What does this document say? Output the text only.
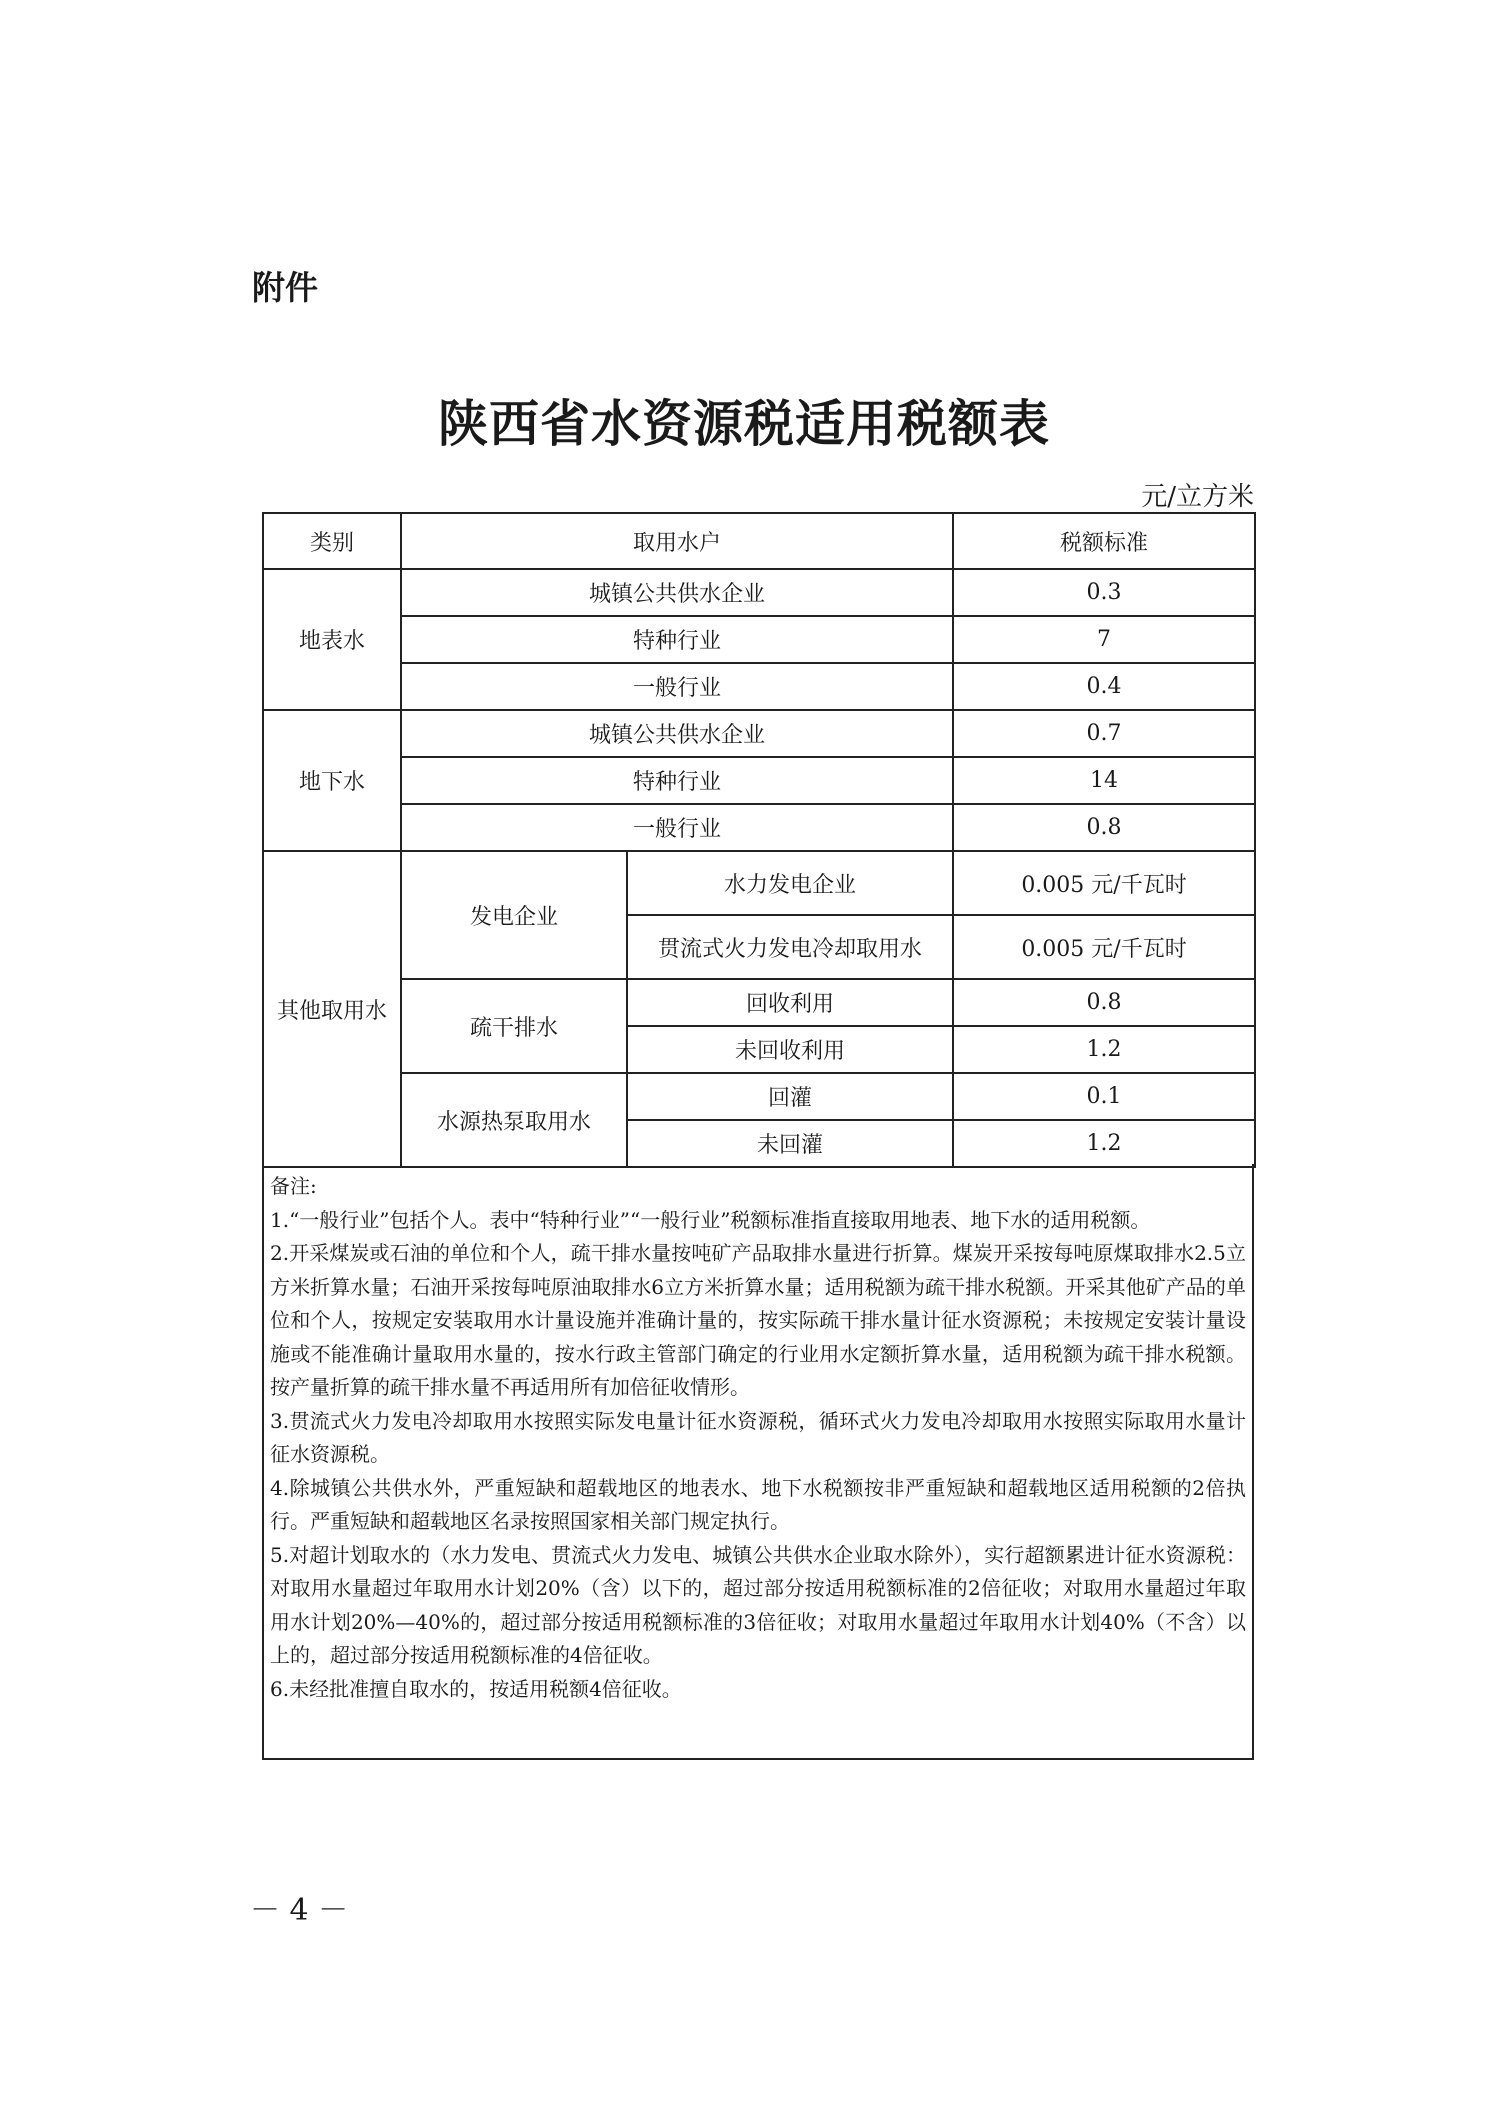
附件
陕西省水资源税适用税额表
元/立方米
类别	取用水户		税额标准
地表水	城镇公共供水企业		0.3
	特种行业		7
	一般行业		0.4
地下水	城镇公共供水企业		0.7
	特种行业		14
	一般行业		0.8
其他取用水	发电企业	水力发电企业	0.005 元/千瓦时
		贯流式火力发电冷却取用水	0.005 元/千瓦时
	疏干排水	回收利用	0.8
		未回收利用	1.2
	水源热泵取用水	回灌	0.1
		未回灌	1.2

备注:

1.“一般行业”包括个人。表中“特种行业”“一般行业”税额标准指直接取用地表、地下水的适用税额。

2.开采煤炭或石油的单位和个人，疏干排水量按吨矿产品取排水量进行折算。煤炭开采按每吨原煤取排水2.5立方米折算水量；石油开采按每吨原油取排水6立方米折算水量；适用税额为疏干排水税额。开采其他矿产品的单位和个人，按规定安装取用水计量设施并准确计量的，按实际疏干排水量计征水资源税；未按规定安装计量设施或不能准确计量取用水量的，按水行政主管部门确定的行业用水定额折算水量，适用税额为疏干排水税额。按产量折算的疏干排水量不再适用所有加倍征收情形。

3.贯流式火力发电冷却取用水按照实际发电量计征水资源税，循环式火力发电冷却取用水按照实际取用水量计征水资源税。

4.除城镇公共供水外，严重短缺和超载地区的地表水、地下水税额按非严重短缺和超载地区适用税额的2倍执行。严重短缺和超载地区名录按照国家相关部门规定执行。

5.对超计划取水的（水力发电、贯流式火力发电、城镇公共供水企业取水除外），实行超额累进计征水资源税：对取用水量超过年取用水计划20%（含）以下的，超过部分按适用税额标准的2倍征收；对取用水量超过年取用水计划20%—40%的，超过部分按适用税额标准的3倍征收；对取用水量超过年取用水计划40%（不含）以上的，超过部分按适用税额标准的4倍征收。

6.未经批准擅自取水的，按适用税额4倍征收。

－ 4 －
